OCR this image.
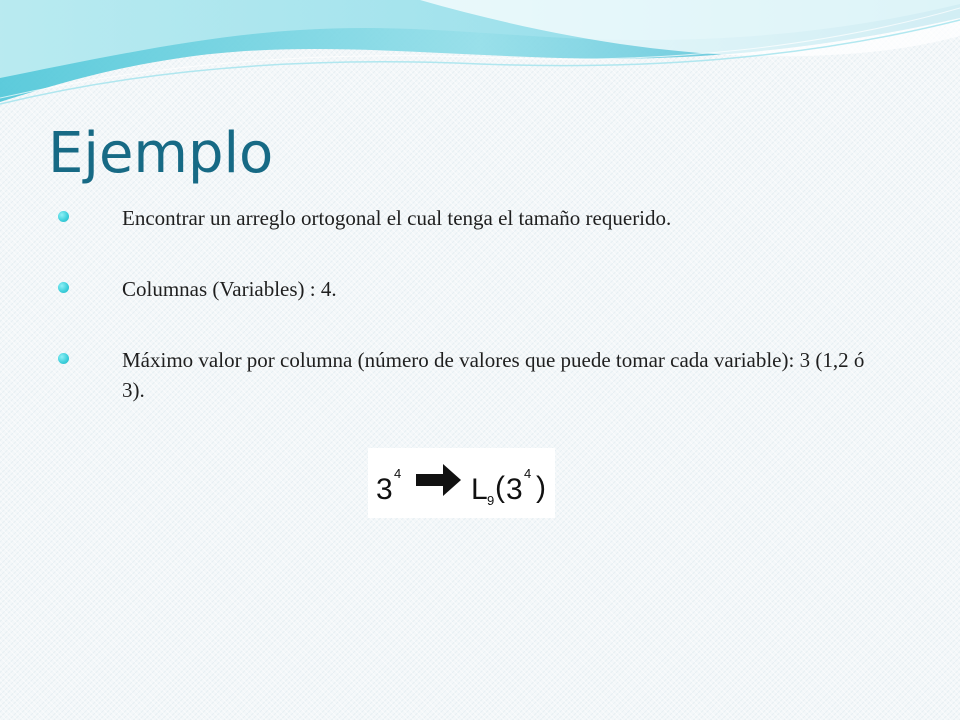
Ejemplo
Encontrar un arreglo ortogonal el cual tenga el tamaño requerido.
Columnas (Variables) : 4.
Máximo valor por columna (número de valores que puede tomar cada variable): 3 (1,2 ó 3).
3 4 L 9 ( 3 4 )
